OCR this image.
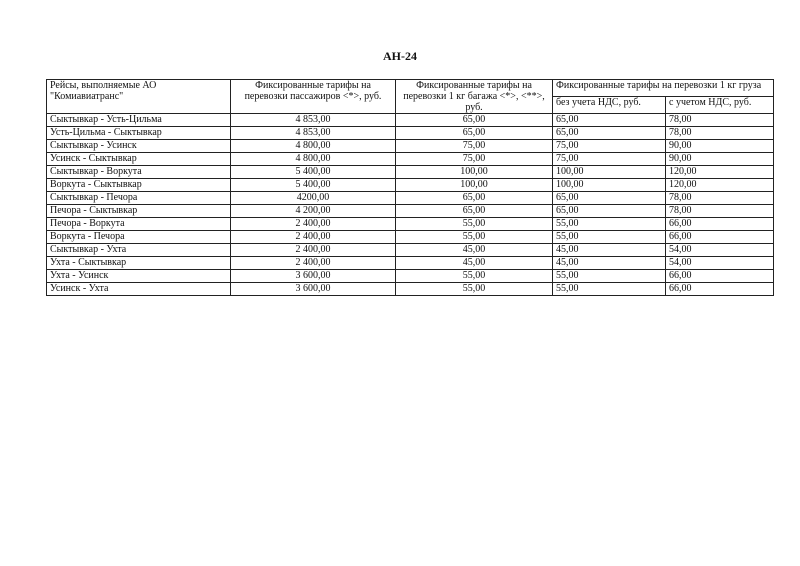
АН-24
Рейсы, выполняемые АО "Комиавиатранс"	Фиксированные тарифы на перевозки пассажиров <*>, руб.	Фиксированные тарифы на перевозки 1 кг багажа <*>, <**>, руб.	Фиксированные тарифы на перевозки 1 кг груза	
			без учета НДС, руб.	с учетом НДС, руб.
Сыктывкар - Усть-Цильма	4 853,00	65,00	65,00	78,00
Усть-Цильма - Сыктывкар	4 853,00	65,00	65,00	78,00
Сыктывкар - Усинск	4 800,00	75,00	75,00	90,00
Усинск - Сыктывкар	4 800,00	75,00	75,00	90,00
Сыктывкар - Воркута	5 400,00	100,00	100,00	120,00
Воркута - Сыктывкар	5 400,00	100,00	100,00	120,00
Сыктывкар - Печора	4200,00	65,00	65,00	78,00
Печора - Сыктывкар	4 200,00	65,00	65,00	78,00
Печора - Воркута	2 400,00	55,00	55,00	66,00
Воркута - Печора	2 400,00	55,00	55,00	66,00
Сыктывкар - Ухта	2 400,00	45,00	45,00	54,00
Ухта - Сыктывкар	2 400,00	45,00	45,00	54,00
Ухта - Усинск	3 600,00	55,00	55,00	66,00
Усинск - Ухта	3 600,00	55,00	55,00	66,00
